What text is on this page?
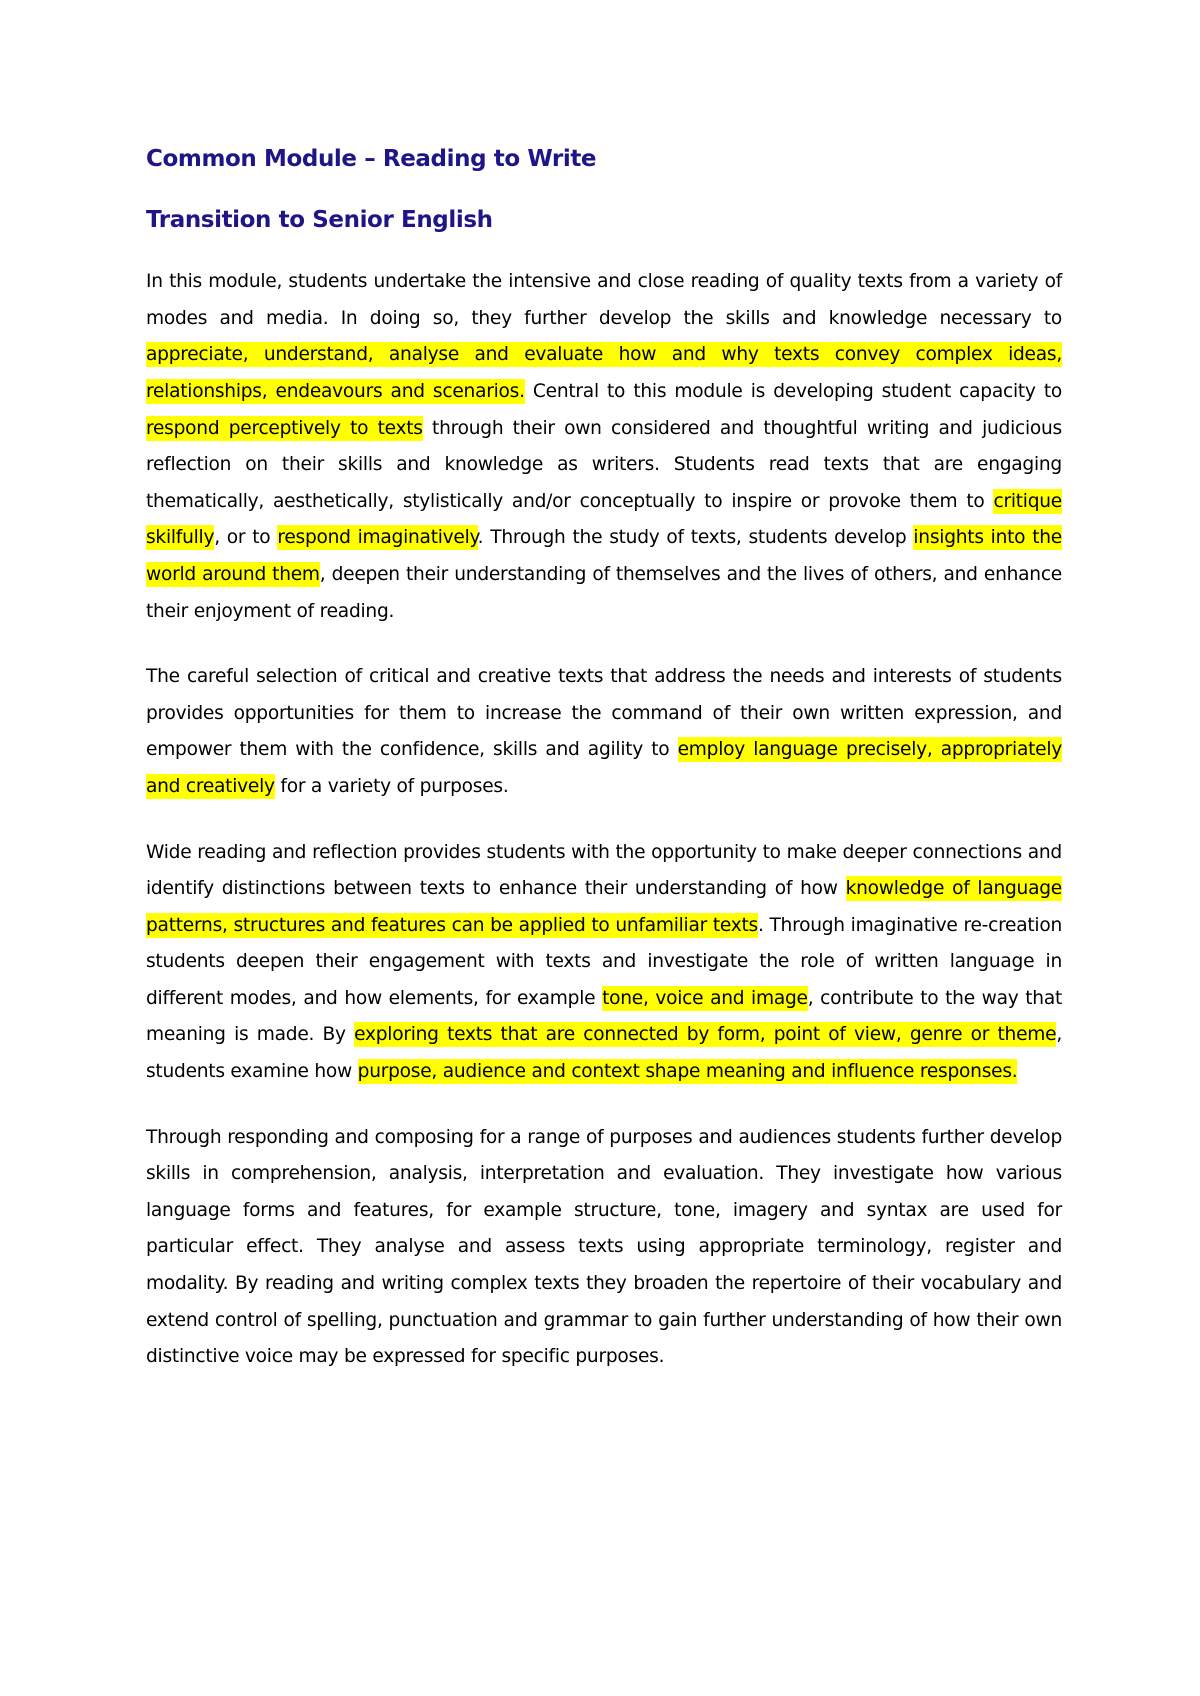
Common Module – Reading to Write
Transition to Senior English

In this module, students undertake the intensive and close reading of quality texts from a variety of modes and media. In doing so, they further develop the skills and knowledge necessary to appreciate, understand, analyse and evaluate how and why texts convey complex ideas, relationships, endeavours and scenarios. Central to this module is developing student capacity to respond perceptively to texts through their own considered and thoughtful writing and judicious reflection on their skills and knowledge as writers. Students read texts that are engaging thematically, aesthetically, stylistically and/or conceptually to inspire or provoke them to critique skilfully, or to respond imaginatively. Through the study of texts, students develop insights into the world around them, deepen their understanding of themselves and the lives of others, and enhance their enjoyment of reading.

The careful selection of critical and creative texts that address the needs and interests of students provides opportunities for them to increase the command of their own written expression, and empower them with the confidence, skills and agility to employ language precisely, appropriately and creatively for a variety of purposes.

Wide reading and reflection provides students with the opportunity to make deeper connections and identify distinctions between texts to enhance their understanding of how knowledge of language patterns, structures and features can be applied to unfamiliar texts. Through imaginative re-creation students deepen their engagement with texts and investigate the role of written language in different modes, and how elements, for example tone, voice and image, contribute to the way that meaning is made. By exploring texts that are connected by form, point of view, genre or theme, students examine how purpose, audience and context shape meaning and influence responses.

Through responding and composing for a range of purposes and audiences students further develop skills in comprehension, analysis, interpretation and evaluation. They investigate how various language forms and features, for example structure, tone, imagery and syntax are used for particular effect. They analyse and assess texts using appropriate terminology, register and modality. By reading and writing complex texts they broaden the repertoire of their vocabulary and extend control of spelling, punctuation and grammar to gain further understanding of how their own distinctive voice may be expressed for specific purposes.
